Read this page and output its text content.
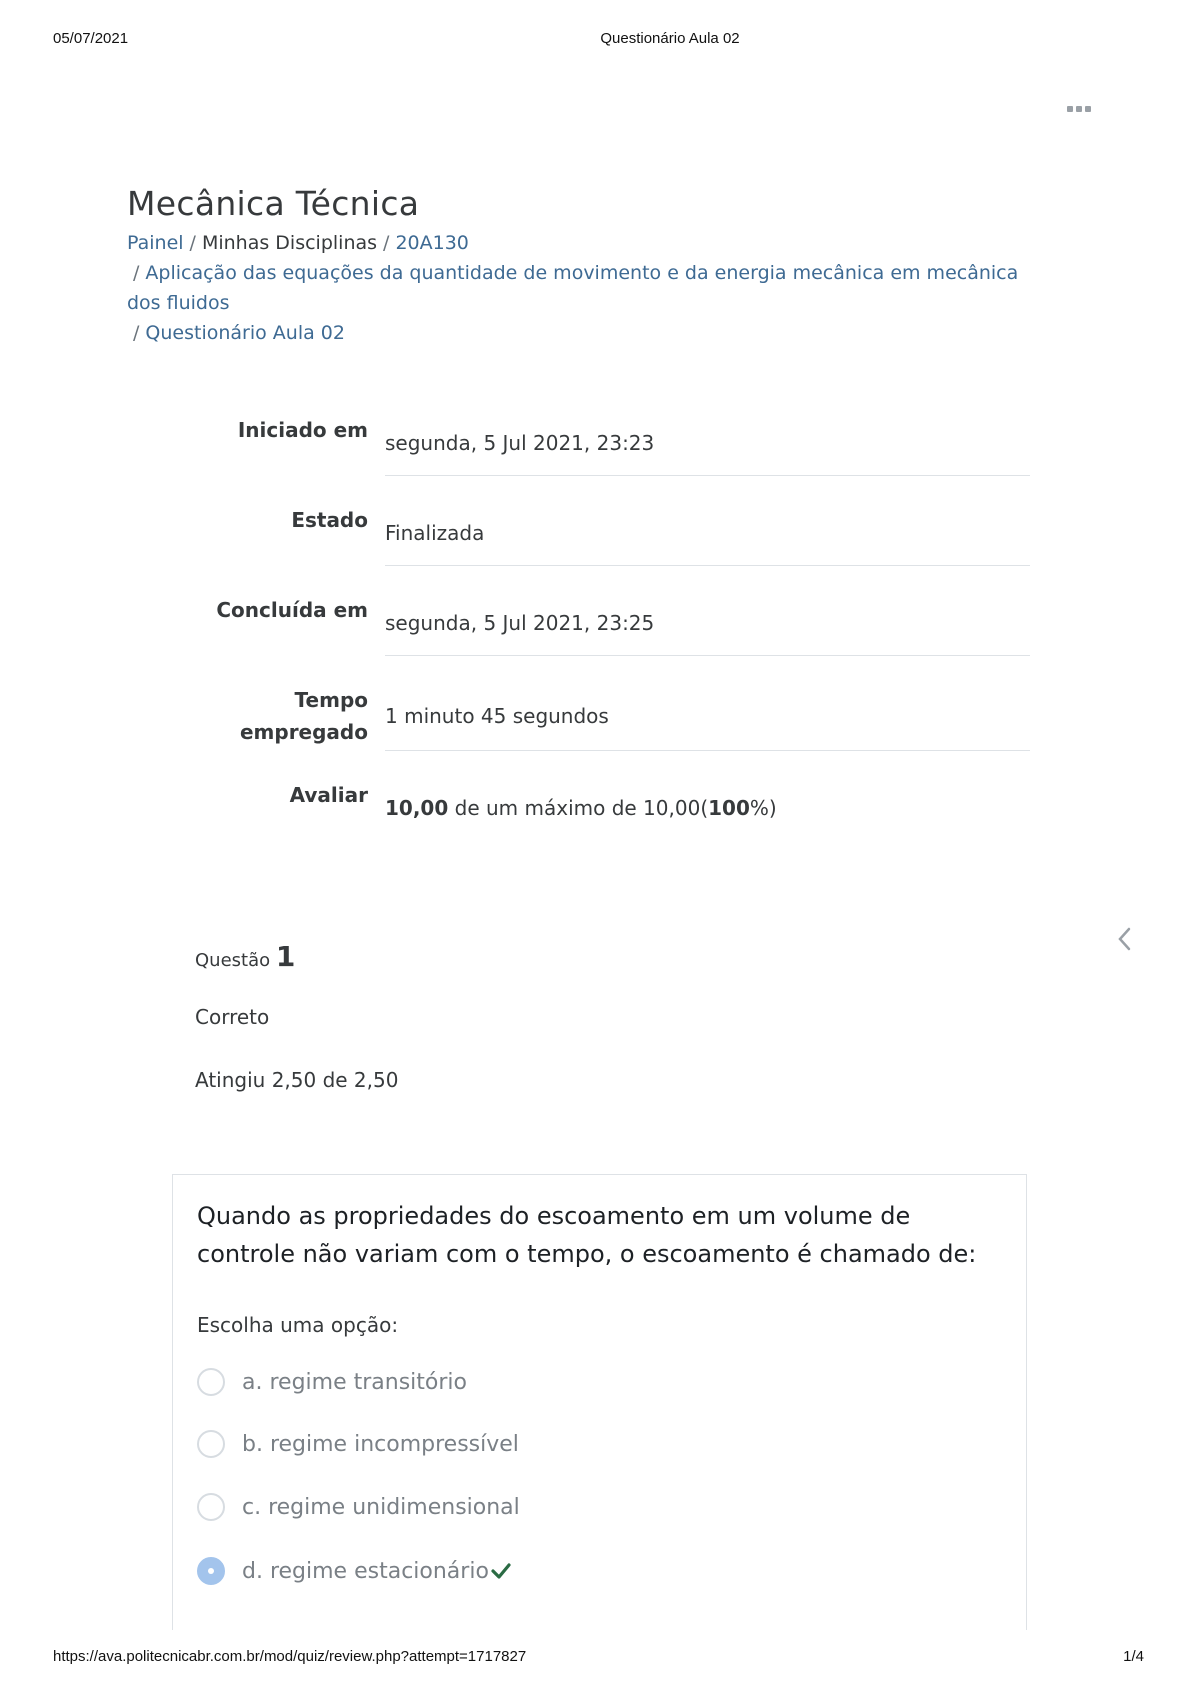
05/07/2021	Questionário Aula 02
Mecânica Técnica
Painel / Minhas Disciplinas / 20A130
/ Aplicação das equações da quantidade de movimento e da energia mecânica em mecânica
dos fluidos
/ Questionário Aula 02
Iniciado em
segunda, 5 Jul 2021, 23:23
Estado
Finalizada
Concluída em
segunda, 5 Jul 2021, 23:25
Tempo
empregado
1 minuto 45 segundos
Avaliar
10,00 de um máximo de 10,00(100%)
Questão 1
Correto
Atingiu 2,50 de 2,50
Quando as propriedades do escoamento em um volume de controle não variam com o tempo, o escoamento é chamado de:
Escolha uma opção:
a. regime transitório
b. regime incompressível
c. regime unidimensional
d. regime estacionário
https://ava.politecnicabr.com.br/mod/quiz/review.php?attempt=1717827	1/4
